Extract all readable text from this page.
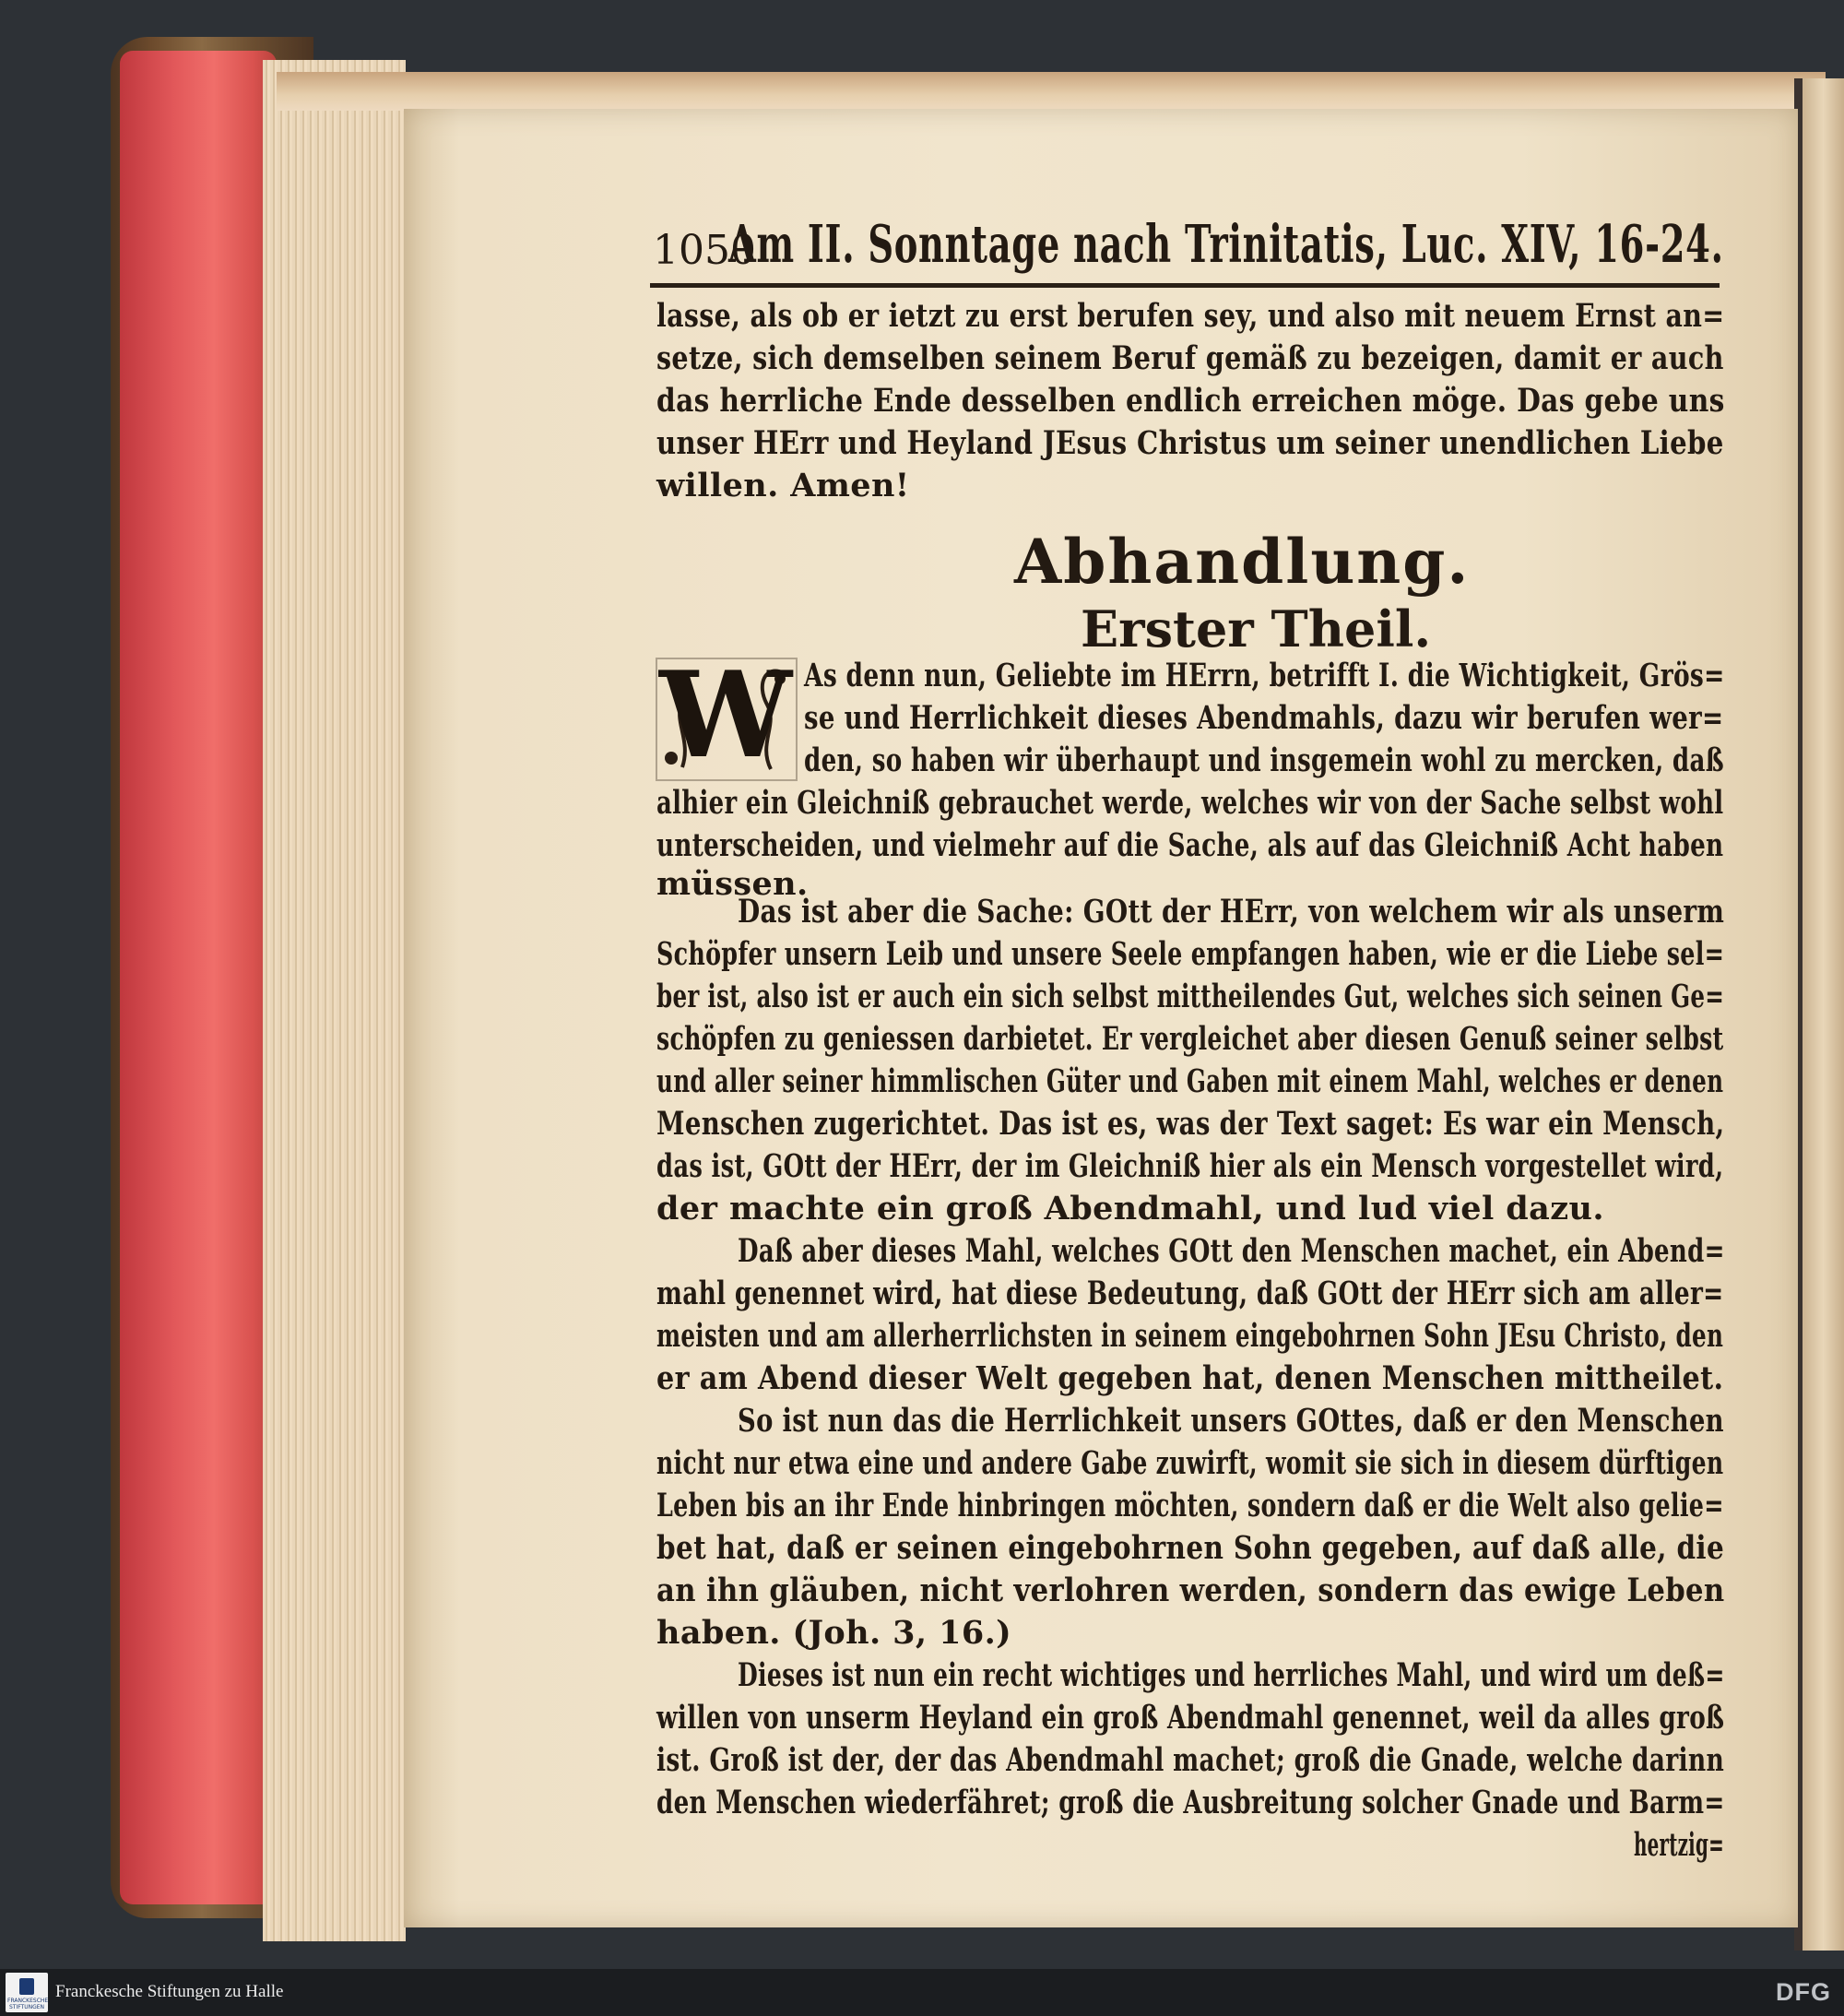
1050
Am II. Sonntage nach Trinitatis, Luc. XIV, 16-24.
lasse, als ob er ietzt zu erst berufen sey, und also mit neuem Ernst an=
setze, sich demselben seinem Beruf gemäß zu bezeigen, damit er auch
das herrliche Ende desselben endlich erreichen möge. Das gebe uns
unser HErr und Heyland JEsus Christus um seiner unendlichen Liebe
willen. Amen!
Abhandlung.
Erster Theil.
W As denn nun, Geliebte im HErrn, betrifft I. die Wichtigkeit, Grös=
se und Herrlichkeit dieses Abendmahls, dazu wir berufen wer=
den, so haben wir überhaupt und insgemein wohl zu mercken, daß
alhier ein Gleichniß gebrauchet werde, welches wir von der Sache selbst wohl
unterscheiden, und vielmehr auf die Sache, als auf das Gleichniß Acht haben
müssen.
Das ist aber die Sache: GOtt der HErr, von welchem wir als unserm
Schöpfer unsern Leib und unsere Seele empfangen haben, wie er die Liebe sel=
ber ist, also ist er auch ein sich selbst mittheilendes Gut, welches sich seinen Ge=
schöpfen zu geniessen darbietet. Er vergleichet aber diesen Genuß seiner selbst
und aller seiner himmlischen Güter und Gaben mit einem Mahl, welches er denen
Menschen zugerichtet. Das ist es, was der Text saget: Es war ein Mensch,
das ist, GOtt der HErr, der im Gleichniß hier als ein Mensch vorgestellet wird,
der machte ein groß Abendmahl, und lud viel dazu.
Daß aber dieses Mahl, welches GOtt den Menschen machet, ein Abend=
mahl genennet wird, hat diese Bedeutung, daß GOtt der HErr sich am aller=
meisten und am allerherrlichsten in seinem eingebohrnen Sohn JEsu Christo, den
er am Abend dieser Welt gegeben hat, denen Menschen mittheilet.
So ist nun das die Herrlichkeit unsers GOttes, daß er den Menschen
nicht nur etwa eine und andere Gabe zuwirft, womit sie sich in diesem dürftigen
Leben bis an ihr Ende hinbringen möchten, sondern daß er die Welt also gelie=
bet hat, daß er seinen eingebohrnen Sohn gegeben, auf daß alle, die
an ihn gläuben, nicht verlohren werden, sondern das ewige Leben
haben. (Joh. 3, 16.)
Dieses ist nun ein recht wichtiges und herrliches Mahl, und wird um deß=
willen von unserm Heyland ein groß Abendmahl genennet, weil da alles groß
ist. Groß ist der, der das Abendmahl machet; groß die Gnade, welche darinn
den Menschen wiederfähret; groß die Ausbreitung solcher Gnade und Barm=
hertzig=
FRANCKESCHE STIFTUNGEN
Franckesche Stiftungen zu Halle	DFG
